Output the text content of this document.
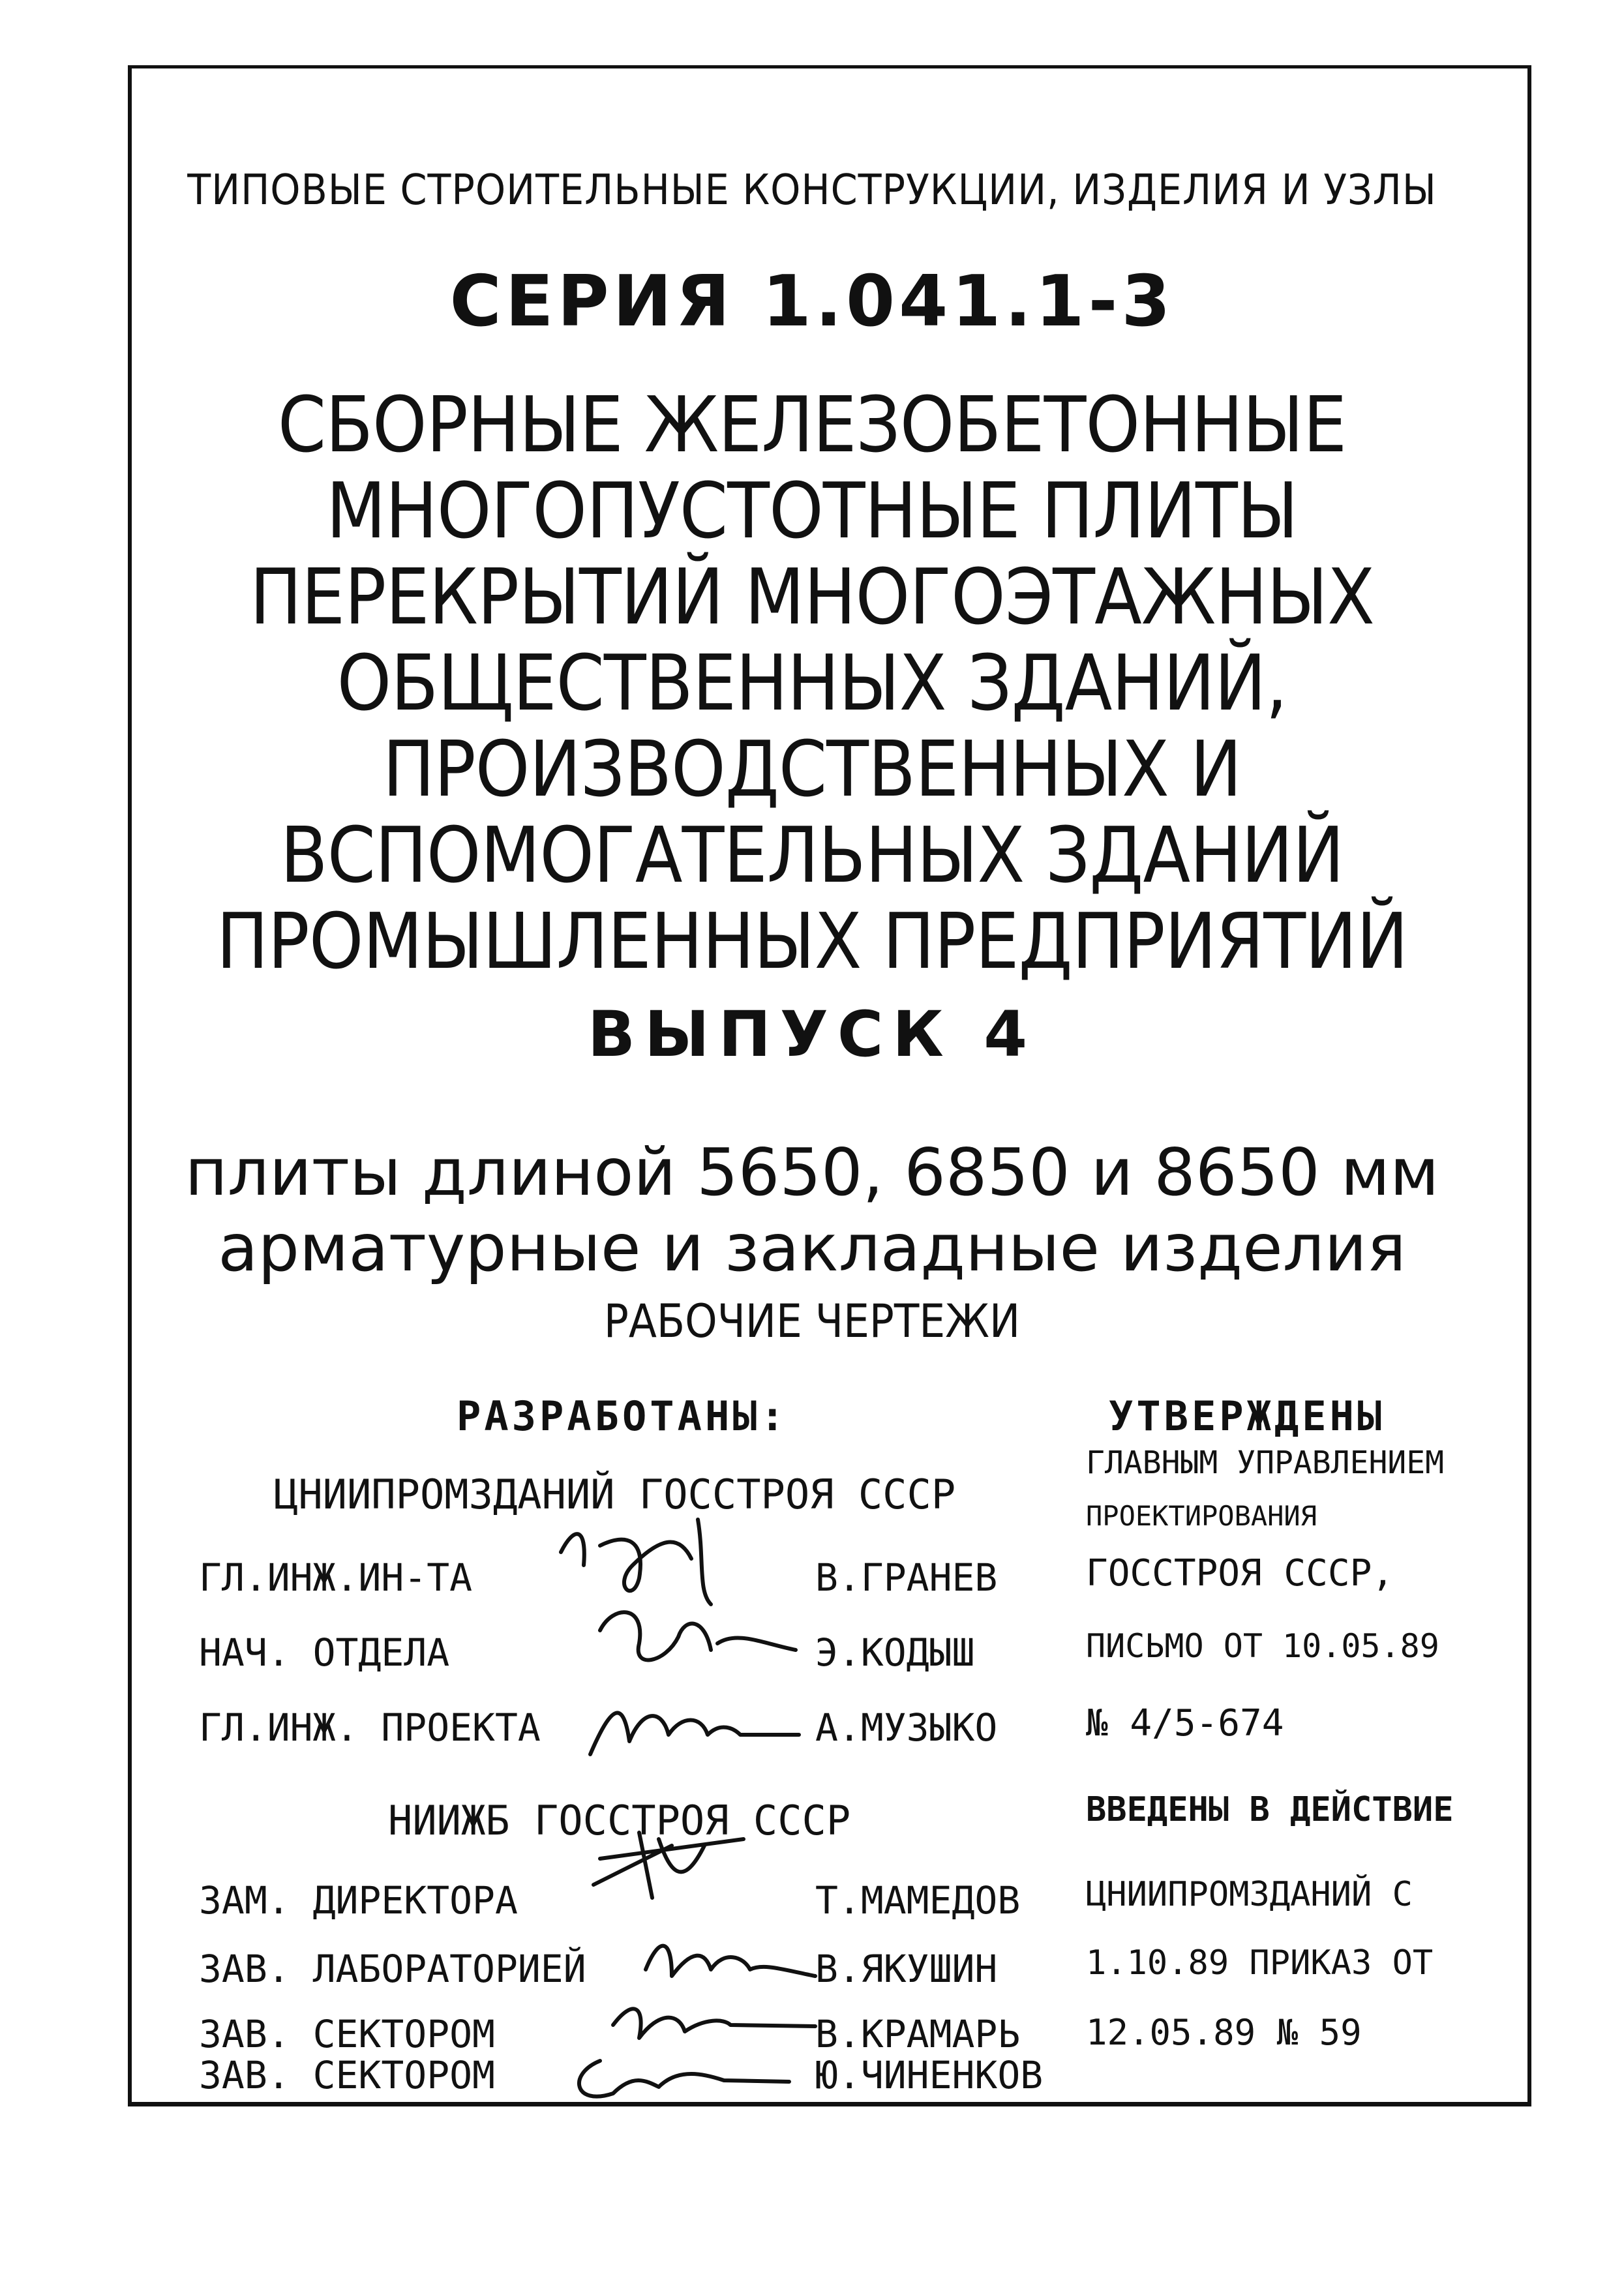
ТИПОВЫЕ СТРОИТЕЛЬНЫЕ КОНСТРУКЦИИ, ИЗДЕЛИЯ И УЗЛЫ
СЕРИЯ 1.041.1-3
СБОРНЫЕ ЖЕЛЕЗОБЕТОННЫЕ
МНОГОПУСТОТНЫЕ ПЛИТЫ
ПЕРЕКРЫТИЙ МНОГОЭТАЖНЫХ
ОБЩЕСТВЕННЫХ ЗДАНИЙ,
ПРОИЗВОДСТВЕННЫХ И
ВСПОМОГАТЕЛЬНЫХ ЗДАНИЙ
ПРОМЫШЛЕННЫХ ПРЕДПРИЯТИЙ
ВЫПУСК 4
плиты длиной 5650, 6850 и 8650 мм
арматурные и закладные изделия
РАБОЧИЕ ЧЕРТЕЖИ
РАЗРАБОТАНЫ:
ЦНИИПРОМЗДАНИЙ ГОССТРОЯ СССР
ГЛ.ИНЖ.ИН-ТА	В.ГРАНЕВ
НАЧ. ОТДЕЛА	Э.КОДЫШ
ГЛ.ИНЖ. ПРОЕКТА	А.МУЗЫКО
НИИЖБ ГОССТРОЯ СССР
ЗАМ. ДИРЕКТОРА	Т.МАМЕДОВ
ЗАВ. ЛАБОРАТОРИЕЙ	В.ЯКУШИН
ЗАВ. СЕКТОРОМ	В.КРАМАРЬ
ЗАВ. СЕКТОРОМ	Ю.ЧИНЕНКОВ
УТВЕРЖДЕНЫ
ГЛАВНЫМ УПРАВЛЕНИЕМ
ПРОЕКТИРОВАНИЯ
ГОССТРОЯ СССР,
ПИСЬМО ОТ 10.05.89
№ 4/5-674
ВВЕДЕНЫ В ДЕЙСТВИЕ
ЦНИИПРОМЗДАНИЙ С
1.10.89 ПРИКАЗ ОТ
12.05.89 № 59
